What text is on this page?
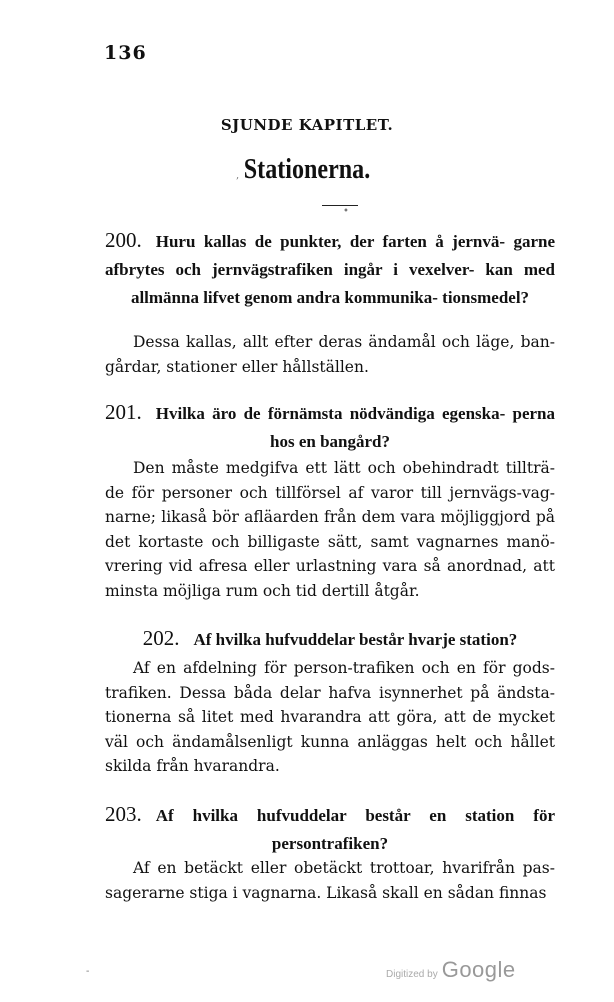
136
SJUNDE KAPITLET.
Stationerna.
,
•
200. Huru kallas de punkter, der farten å jernvä- garne afbrytes och jernvägstrafiken ingår i vexelver- kan med allmänna lifvet genom andra kommunika- tionsmedel?
Dessa kallas, allt efter deras ändamål och läge, ban- gårdar, stationer eller hållställen.
201. Hvilka äro de förnämsta nödvändiga egenska- perna hos en bangård?
Den måste medgifva ett lätt och obehindradt tillträ- de för personer och tillförsel af varor till jernvägs-vag- narne; likaså bör afläarden från dem vara möjliggjord på det kortaste och billigaste sätt, samt vagnarnes manö- vrering vid afresa eller urlastning vara så anordnad, att minsta möjliga rum och tid dertill åtgår.
202. Af hvilka hufvuddelar består hvarje station?
Af en afdelning för person-trafiken och en för gods- trafiken. Dessa båda delar hafva isynnerhet på ändsta- tionerna så litet med hvarandra att göra, att de mycket väl och ändamålsenligt kunna anläggas helt och hållet skilda från hvarandra.
203. Af hvilka hufvuddelar består en station för persontrafiken?
Af en betäckt eller obetäckt trottoar, hvarifrån pas- sagerarne stiga i vagnarna. Likaså skall en sådan finnas
-	Digitized by Google
